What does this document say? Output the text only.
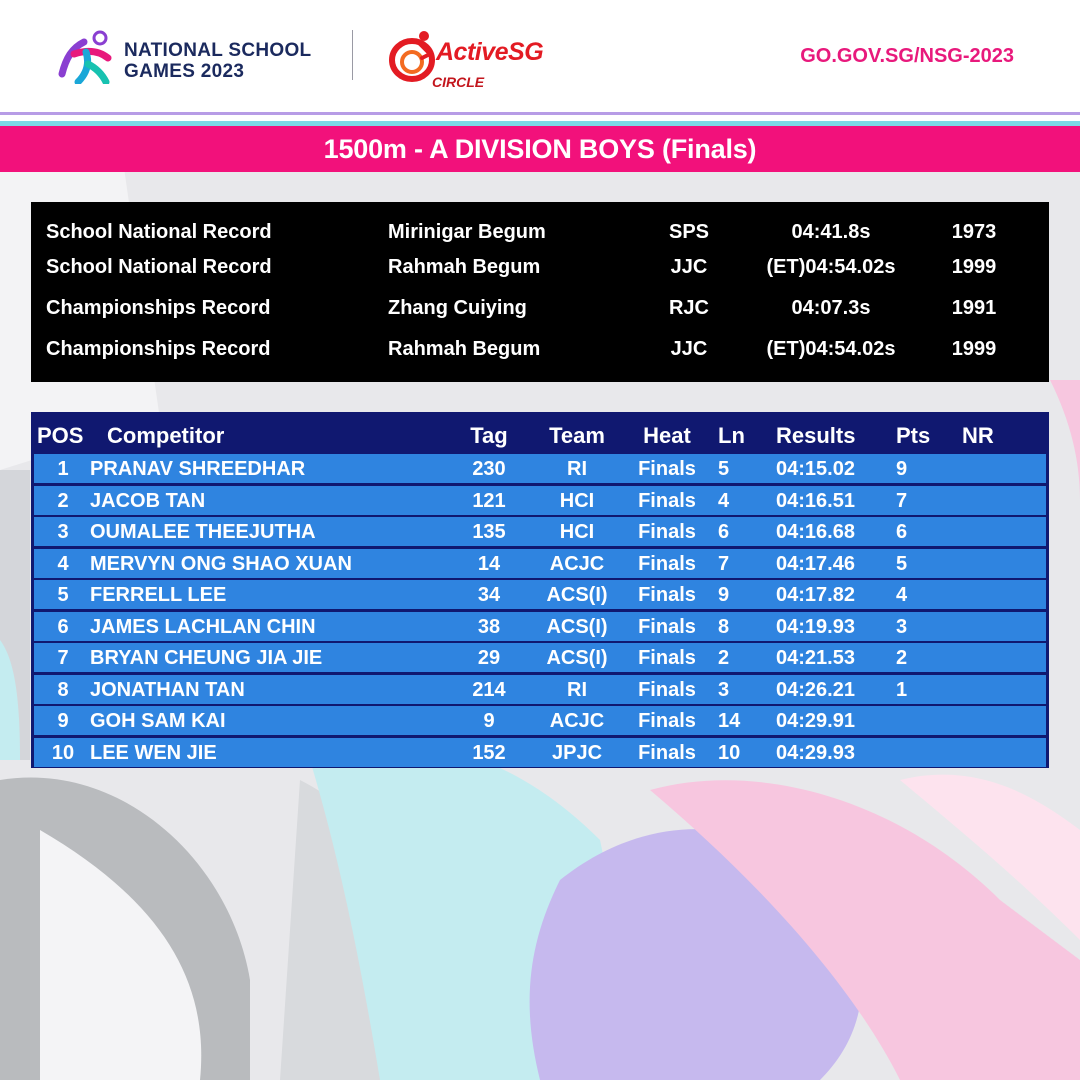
NATIONAL SCHOOL
GAMES 2023
ActiveSG
CIRCLE
GO.GOV.SG/NSG-2023
1500m - A DIVISION BOYS (Finals)
School National Record	Mirinigar Begum	SPS	04:41.8s	1973
School National Record	Rahmah Begum	JJC	(ET)04:54.02s	1999
Championships Record	Zhang Cuiying	RJC	04:07.3s	1991
Championships Record	Rahmah Begum	JJC	(ET)04:54.02s	1999
POS Competitor	Tag	Team	Heat	Ln Results Pts NR
1	PRANAV SHREEDHAR	230	RI	Finals	5 04:15.02 9
2	JACOB TAN	121	HCI	Finals	4 04:16.51 7
3	OUMALEE THEEJUTHA	135	HCI	Finals	6 04:16.68 6
4	MERVYN ONG SHAO XUAN	14	ACJC	Finals	7 04:17.46 5
5	FERRELL LEE	34	ACS(I)	Finals	9 04:17.82 4
6	JAMES LACHLAN CHIN	38	ACS(I)	Finals	8 04:19.93 3
7	BRYAN CHEUNG JIA JIE	29	ACS(I)	Finals	2 04:21.53 2
8	JONATHAN TAN	214	RI	Finals	3 04:26.21 1
9	GOH SAM KAI	9	ACJC	Finals	14 04:29.91
10 LEE WEN JIE	152	JPJC	Finals	10 04:29.93
